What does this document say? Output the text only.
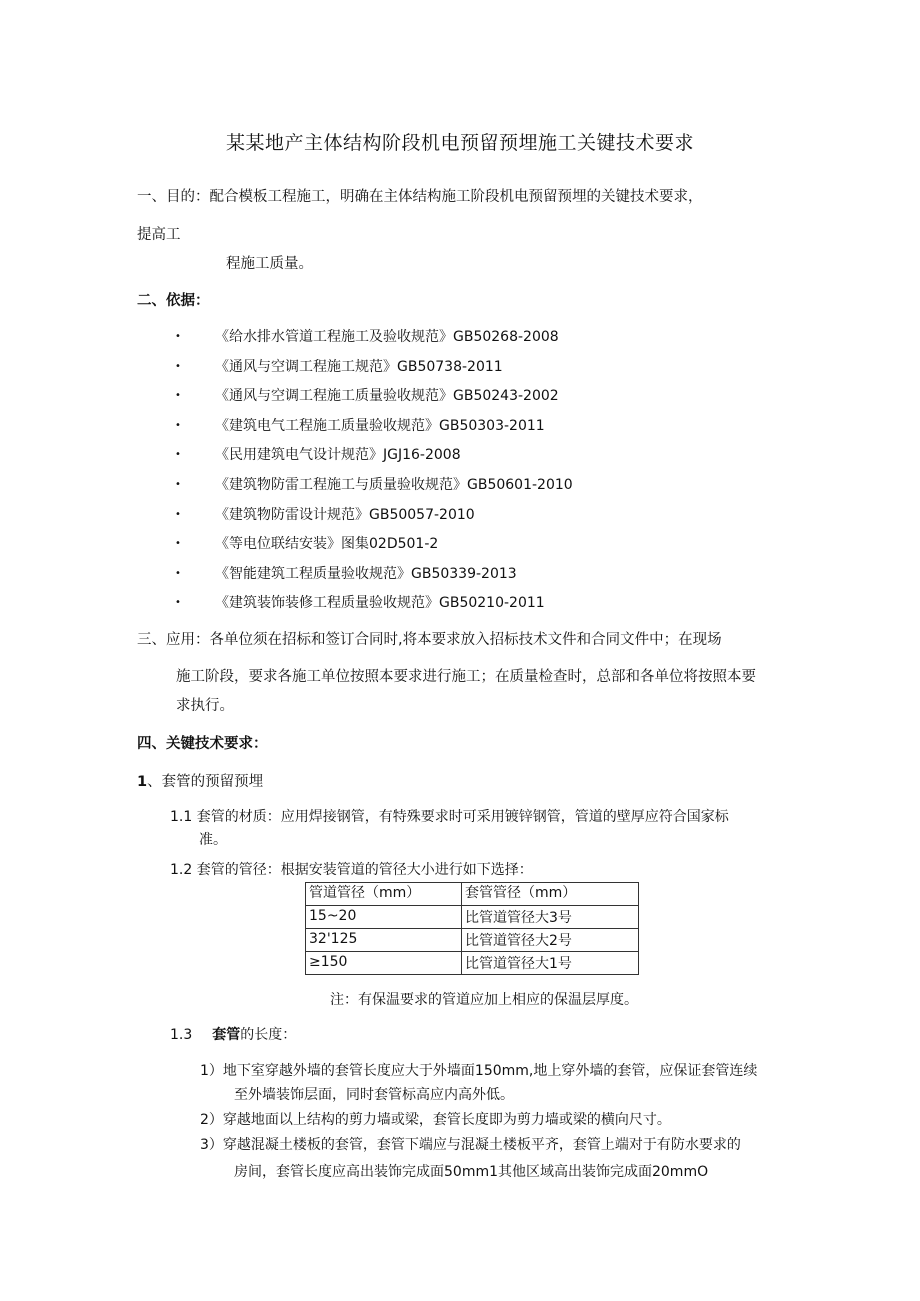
某某地产主体结构阶段机电预留预埋施工关键技术要求
一、目的：配合模板工程施工，明确在主体结构施工阶段机电预留预埋的关键技术要求，
提高工
程施工质量。
二、依据：
• 《给水排水管道工程施工及验收规范》GB50268-2008
• 《通风与空调工程施工规范》GB50738-2011
• 《通风与空调工程施工质量验收规范》GB50243-2002
• 《建筑电气工程施工质量验收规范》GB50303-2011
• 《民用建筑电气设计规范》JGJ16-2008
• 《建筑物防雷工程施工与质量验收规范》GB50601-2010
• 《建筑物防雷设计规范》GB50057-2010
• 《等电位联结安装》图集02D501-2
• 《智能建筑工程质量验收规范》GB50339-2013
• 《建筑装饰装修工程质量验收规范》GB50210-2011
三、应用：各单位须在招标和签订合同时,将本要求放入招标技术文件和合同文件中；在现场
施工阶段，要求各施工单位按照本要求进行施工；在质量检查时，总部和各单位将按照本要
求执行。
四、关键技术要求：
1、套管的预留预埋
1.1 套管的材质：应用焊接钢管，有特殊要求时可采用镀锌钢管，管道的壁厚应符合国家标
准。
1.2 套管的管径：根据安装管道的管径大小进行如下选择：
管道管径（mm）	套管管径（mm）
15~20	比管道管径大3号
32'125	比管道管径大2号
≥150	比管道管径大1号
注：有保温要求的管道应加上相应的保温层厚度。
1.3 套管的长度：
1）地下室穿越外墙的套管长度应大于外墙面150mm,地上穿外墙的套管，应保证套管连续
至外墙装饰层面，同时套管标高应内高外低。
2）穿越地面以上结构的剪力墙或梁，套管长度即为剪力墙或梁的横向尺寸。
3）穿越混凝土楼板的套管，套管下端应与混凝土楼板平齐，套管上端对于有防水要求的
房间，套管长度应高出装饰完成面50mm1其他区域高出装饰完成面20mmO
